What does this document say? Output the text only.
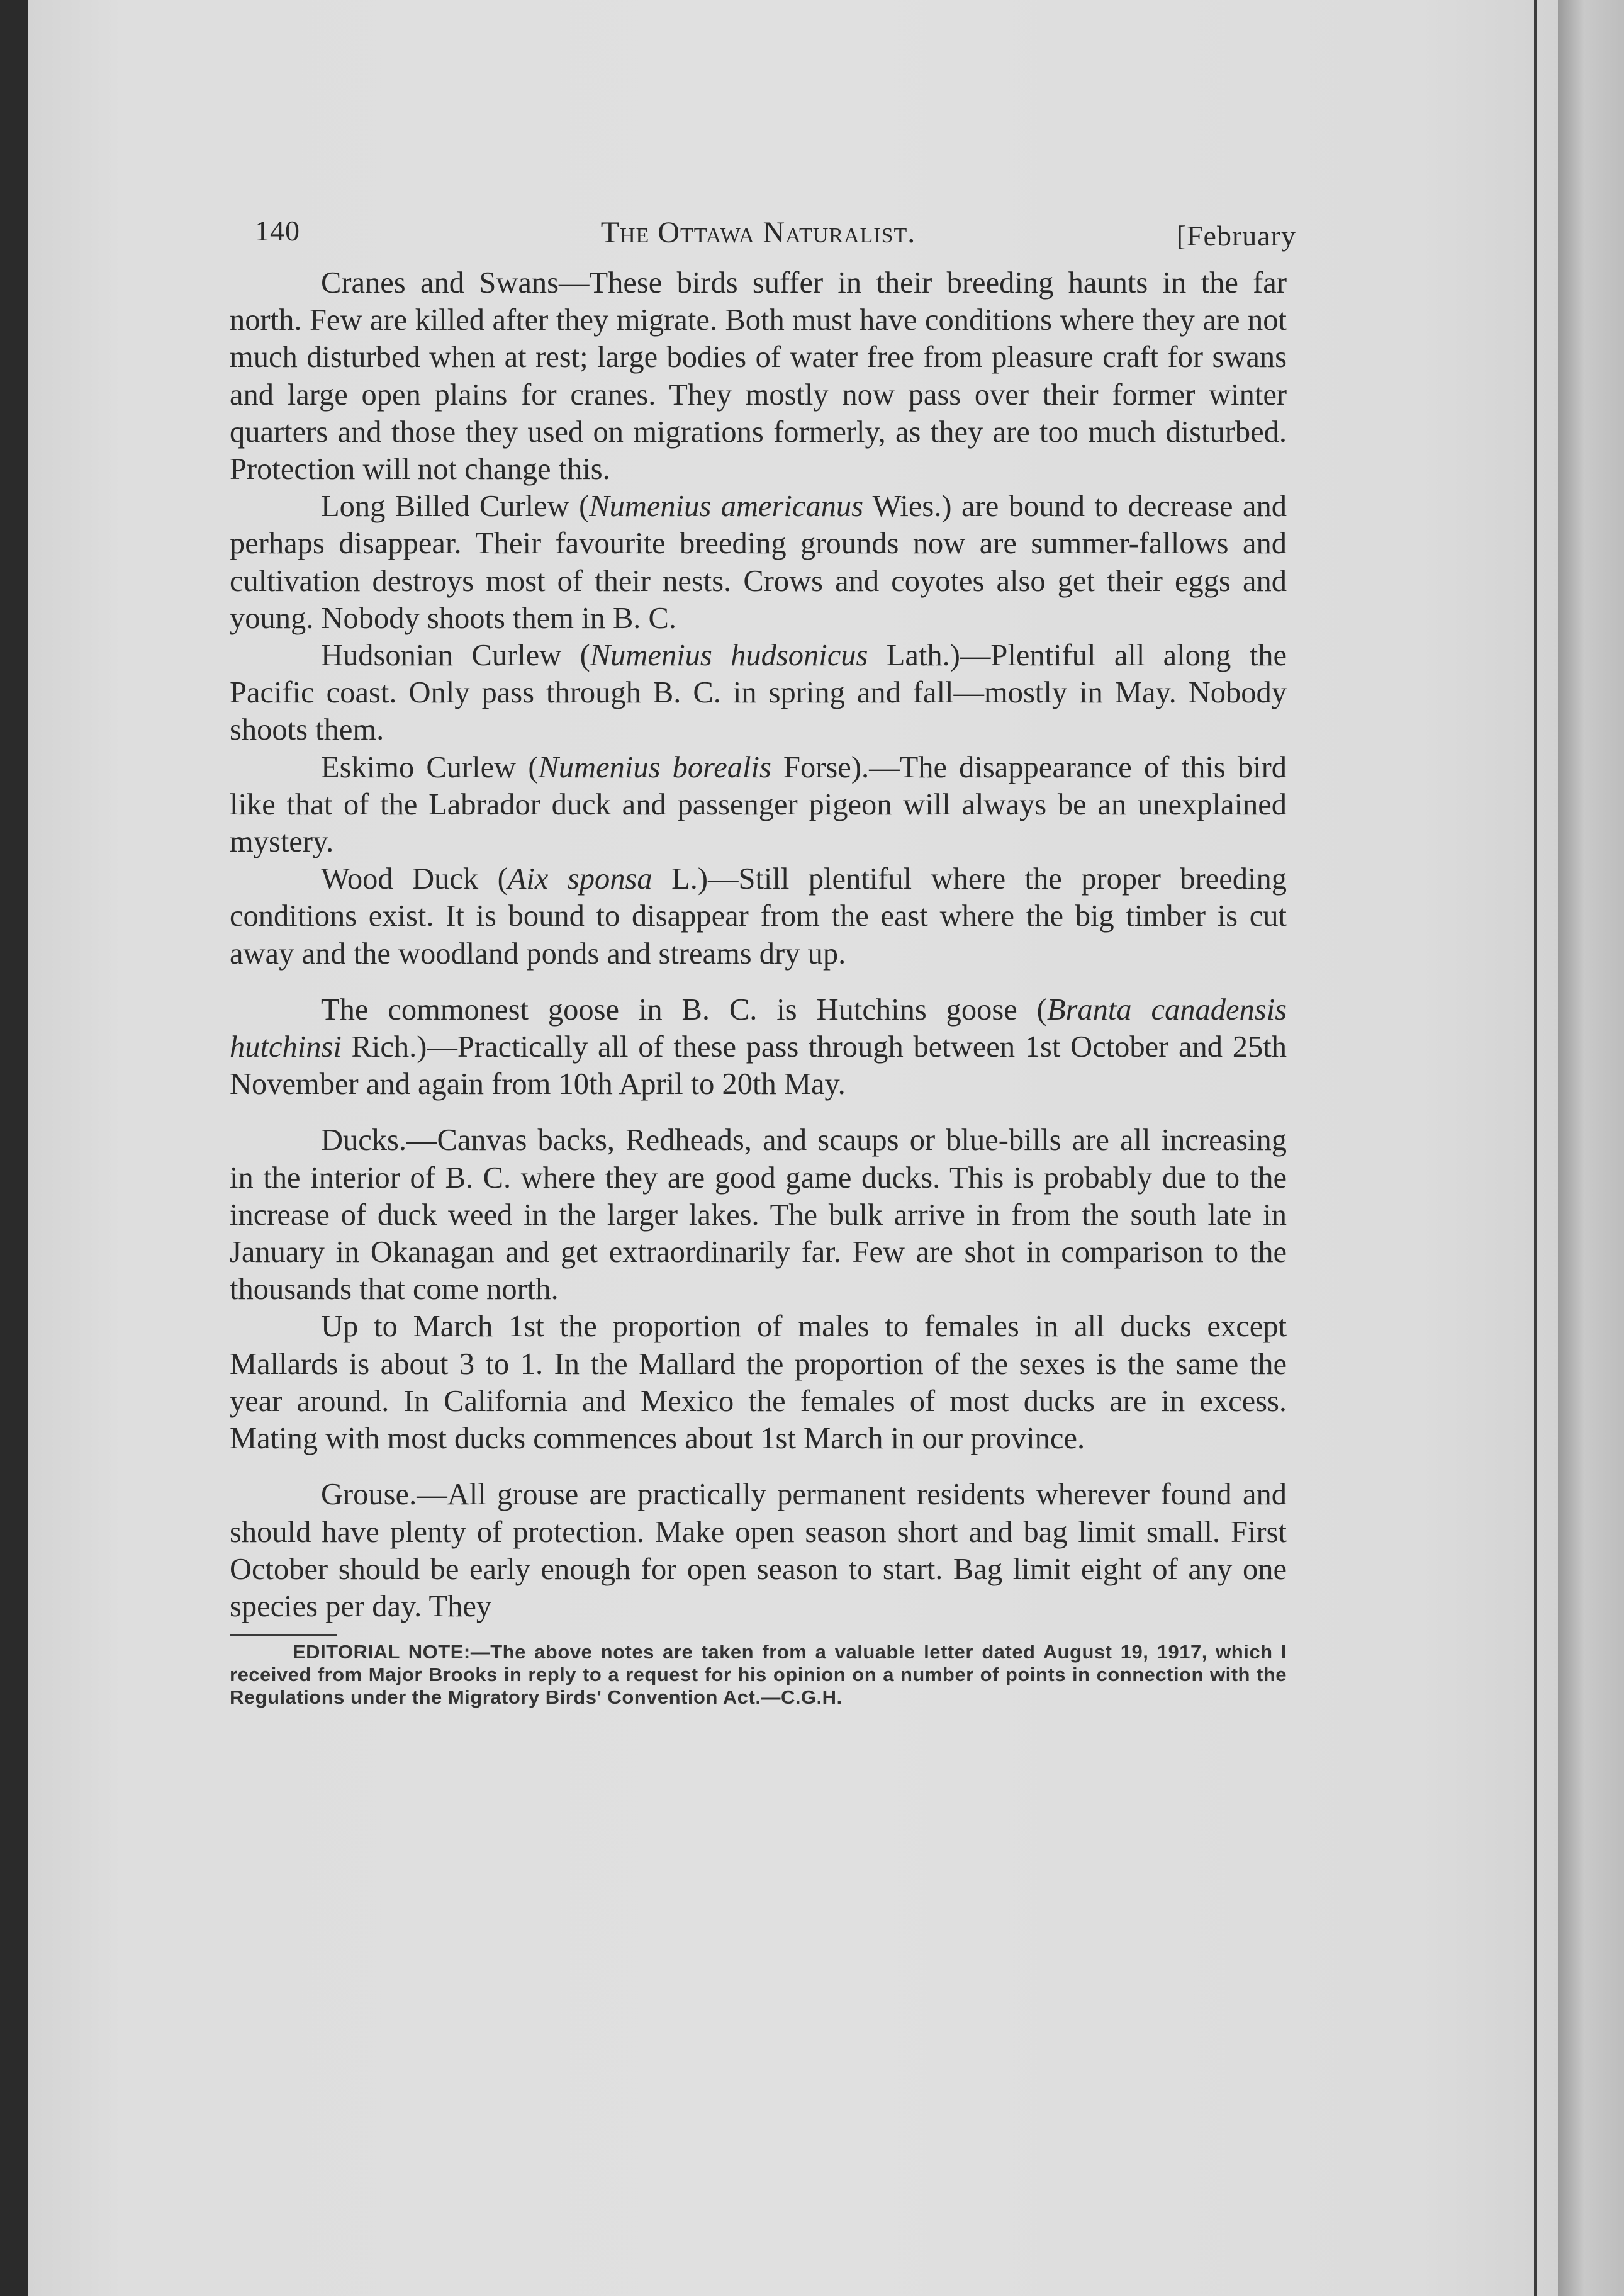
140	The Ottawa Naturalist.	[February

Cranes and Swans—These birds suffer in their breeding haunts in the far north. Few are killed after they migrate. Both must have conditions where they are not much disturbed when at rest; large bodies of water free from pleasure craft for swans and large open plains for cranes. They mostly now pass over their former winter quarters and those they used on migrations formerly, as they are too much disturbed. Protection will not change this.

Long Billed Curlew (Numenius americanus Wies.) are bound to decrease and perhaps disappear. Their favourite breeding grounds now are summer-fallows and cultivation destroys most of their nests. Crows and coyotes also get their eggs and young. Nobody shoots them in B. C.

Hudsonian Curlew (Numenius hudsonicus Lath.)—Plentiful all along the Pacific coast. Only pass through B. C. in spring and fall—mostly in May. Nobody shoots them.

Eskimo Curlew (Numenius borealis Forse).—The disappearance of this bird like that of the Labrador duck and passenger pigeon will always be an unexplained mystery.

Wood Duck (Aix sponsa L.)—Still plentiful where the proper breeding conditions exist. It is bound to disappear from the east where the big timber is cut away and the woodland ponds and streams dry up.

The commonest goose in B. C. is Hutchins goose (Branta canadensis hutchinsi Rich.)—Practically all of these pass through between 1st October and 25th November and again from 10th April to 20th May.

Ducks.—Canvas backs, Redheads, and scaups or blue-bills are all increasing in the interior of B. C. where they are good game ducks. This is probably due to the increase of duck weed in the larger lakes. The bulk arrive in from the south late in January in Okanagan and get extraordinarily far. Few are shot in comparison to the thousands that come north.

Up to March 1st the proportion of males to females in all ducks except Mallards is about 3 to 1. In the Mallard the proportion of the sexes is the same the year around. In California and Mexico the females of most ducks are in excess. Mating with most ducks commences about 1st March in our province.

Grouse.—All grouse are practically permanent residents wherever found and should have plenty of protection. Make open season short and bag limit small. First October should be early enough for open season to start. Bag limit eight of any one species per day. They

EDITORIAL NOTE:—The above notes are taken from a valuable letter dated August 19, 1917, which I received from Major Brooks in reply to a request for his opinion on a number of points in connection with the Regulations under the Migratory Birds' Convention Act.—C.G.H.
